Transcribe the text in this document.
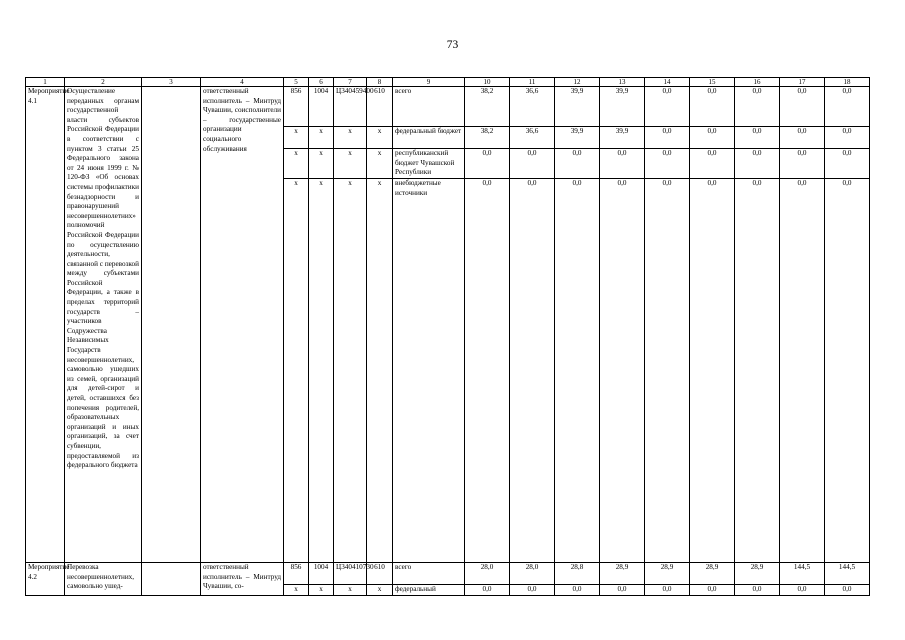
73
1	2	3	4	5	6	7	8	9	10	11	12	13	14	15	16	17	18
Мероприятие 4.1	Осуществление переданных органам государственной власти субъектов Российской Федерации в соответствии с пунктом 3 статьи 25 Федерального закона от 24 июня 1999 г. № 120-ФЗ «Об основах системы профилактики безнадзорности и правонарушений несовершеннолетних» полномочий Российской Федерации по осуществлению деятельности, связанной с перевозкой между субъектами Российской Федерации, а также в пределах территорий государств – участников Содружества Независимых Государств несовершеннолетних, самовольно ушедших из семей, организаций для детей-сирот и детей, оставшихся без попечения родителей, образовательных организаций и иных организаций, за счет субвенции, предоставляемой из федерального бюджета		ответственный исполнитель – Минтруд Чувашии, соисполнители – государственные организации социального обслуживания	856	1004	Ц340459400	610	всего	38,2	36,6	39,9	39,9	0,0	0,0	0,0	0,0	0,0
				x	x	x	x	федеральный бюджет	38,2	36,6	39,9	39,9	0,0	0,0	0,0	0,0	0,0
				x	x	x	x	республиканский бюджет Чувашской Республики	0,0	0,0	0,0	0,0	0,0	0,0	0,0	0,0	0,0
				x	x	x	x	внебюджетные источники	0,0	0,0	0,0	0,0	0,0	0,0	0,0	0,0	0,0
Мероприятие 4.2	Перевозка несовершеннолетних, самовольно ушед-		ответственный исполнитель – Минтруд Чувашии, со-	856	1004	Ц340410730	610	всего	28,0	28,0	28,8	28,9	28,9	28,9	28,9	144,5	144,5
				x	x	x	x	федеральный	0,0	0,0	0,0	0,0	0,0	0,0	0,0	0,0	0,0
